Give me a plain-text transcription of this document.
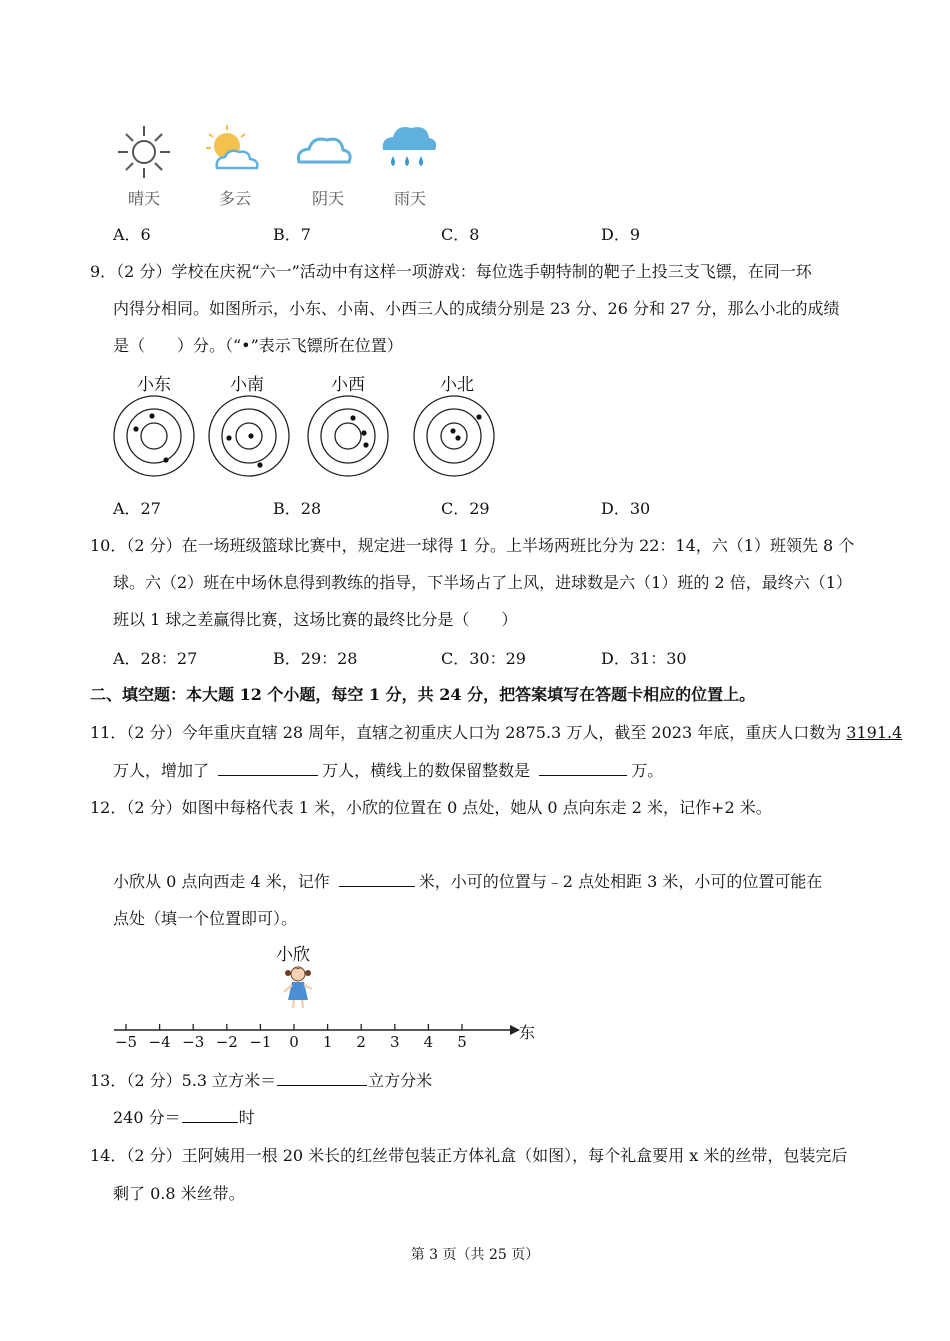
晴天	多云	阴天	雨天
A．6	B．7	C．8	D．9
9．（2 分）学校在庆祝“六一”活动中有这样一项游戏：每位选手朝特制的靶子上投三支飞镖，在同一环
内得分相同。如图所示，小东、小南、小西三人的成绩分别是 23 分、26 分和 27 分，那么小北的成绩
是（　　）分。（“•”表示飞镖所在位置）
小东	小南	小西	小北
A．27	B．28	C．29	D．30
10．（2 分）在一场班级篮球比赛中，规定进一球得 1 分。上半场两班比分为 22：14，六（1）班领先 8 个
球。六（2）班在中场休息得到教练的指导，下半场占了上风，进球数是六（1）班的 2 倍，最终六（1）
班以 1 球之差赢得比赛，这场比赛的最终比分是（　　）
A．28：27	B．29：28	C．30：29	D．31：30
二、填空题：本大题 12 个小题，每空 1 分，共 24 分，把答案填写在答题卡相应的位置上。
11．（2 分）今年重庆直辖 28 周年，直辖之初重庆人口为 2875.3 万人，截至 2023 年底，重庆人口数为 3191.4
万人，增加了	万人，横线上的数保留整数是	万。
12．（2 分）如图中每格代表 1 米，小欣的位置在 0 点处，她从 0 点向东走 2 米，记作+2 米。
小欣从 0 点向西走 4 米，记作	米，小可的位置与﹣2 点处相距 3 米，小可的位置可能在
点处（填一个位置即可）。
小欣
东
−5 −4 −3 −2 −1	0	1	2	3	4	5
13．（2 分）5.3 立方米＝	立方分米
240 分＝	时
14．（2 分）王阿姨用一根 20 米长的红丝带包装正方体礼盒（如图），每个礼盒要用 x 米的丝带，包装完后
剩了 0.8 米丝带。
第 3 页（共 25 页）
